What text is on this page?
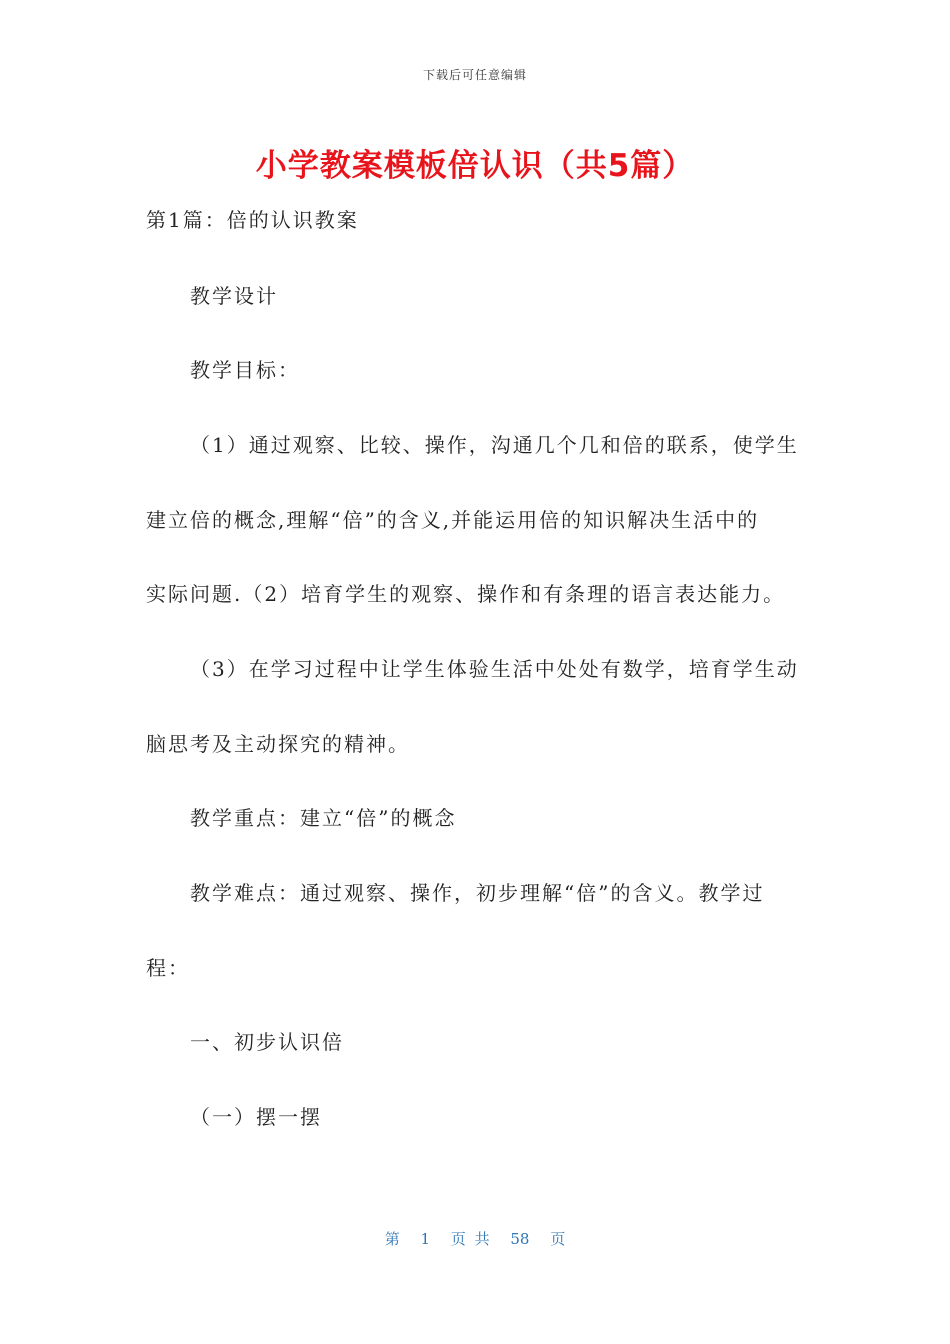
下载后可任意编辑
小学教案模板倍认识（共5篇）
第1篇：倍的认识教案
教学设计
教学目标：
（1）通过观察、比较、操作，沟通几个几和倍的联系，使学生
建立倍的概念,理解“倍”的含义,并能运用倍的知识解决生活中的
实际问题.（2）培育学生的观察、操作和有条理的语言表达能力。
（3）在学习过程中让学生体验生活中处处有数学，培育学生动
脑思考及主动探究的精神。
教学重点：建立“倍”的概念
教学难点：通过观察、操作，初步理解“倍”的含义。教学过
程：
一、初步认识倍
（一）摆一摆
第 1 页 共 58 页
